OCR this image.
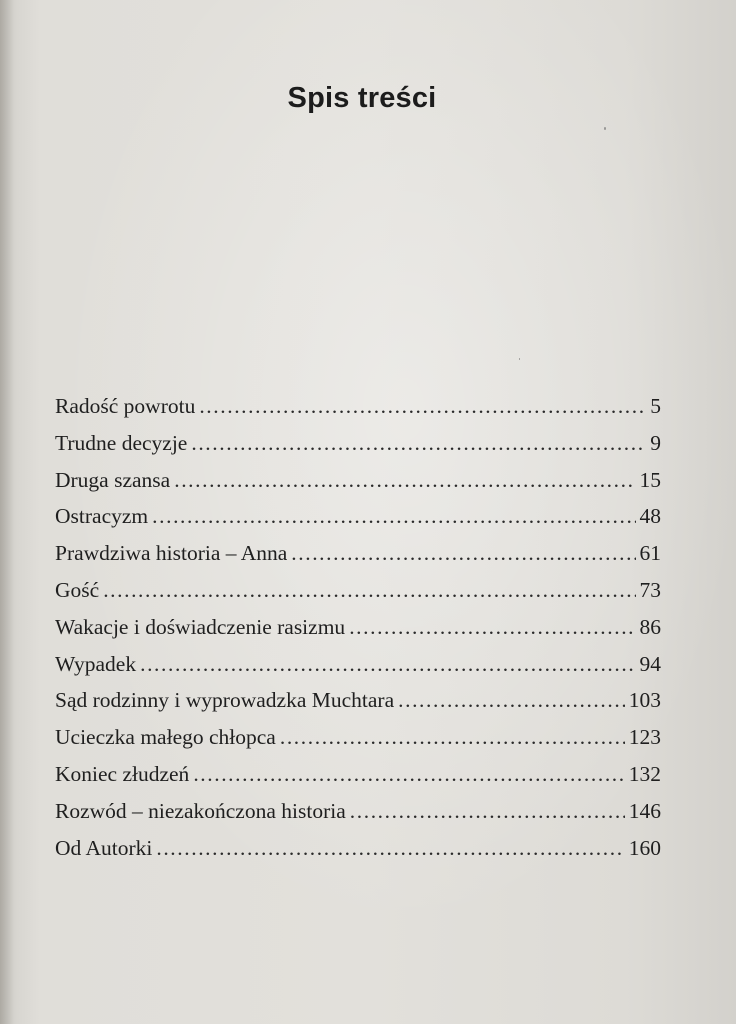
Spis treści
Radość powrotu .....	5
Trudne decyzje .....	9
Druga szansa .....	15
Ostracyzm .....	48
Prawdziwa historia – Anna .....	61
Gość .....	73
Wakacje i doświadczenie rasizmu .....	86
Wypadek .....	94
Sąd rodzinny i wyprowadzka Muchtara .....	103
Ucieczka małego chłopca .....	123
Koniec złudzeń .....	132
Rozwód – niezakończona historia .....	146
Od Autorki .....	160
